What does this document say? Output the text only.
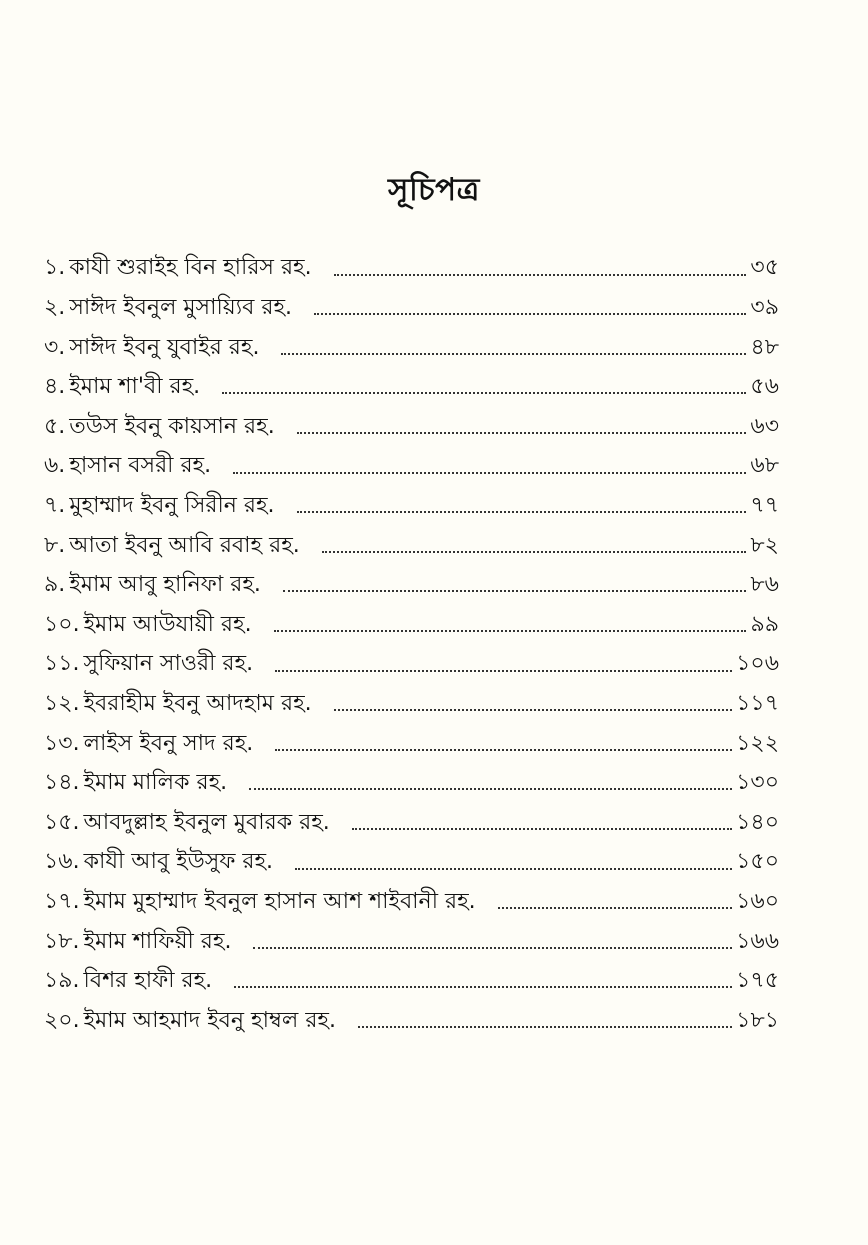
সূচিপত্র
১. কাযী শুরাইহ বিন হারিস রহ.	৩৫
২. সাঈদ ইবনুল মুসায়্যিব রহ.	৩৯
৩. সাঈদ ইবনু যুবাইর রহ.	৪৮
৪. ইমাম শা'বী রহ.	৫৬
৫. তউস ইবনু কায়সান রহ.	৬৩
৬. হাসান বসরী রহ.	৬৮
৭. মুহাম্মাদ ইবনু সিরীন রহ.	৭৭
৮. আতা ইবনু আবি রবাহ রহ.	৮২
৯. ইমাম আবু হানিফা রহ.	৮৬
১০. ইমাম আউযায়ী রহ.	৯৯
১১. সুফিয়ান সাওরী রহ.	১০৬
১২. ইবরাহীম ইবনু আদহাম রহ.	১১৭
১৩. লাইস ইবনু সাদ রহ.	১২২
১৪. ইমাম মালিক রহ.	১৩০
১৫. আবদুল্লাহ ইবনুল মুবারক রহ.	১৪০
১৬. কাযী আবু ইউসুফ রহ.	১৫০
১৭. ইমাম মুহাম্মাদ ইবনুল হাসান আশ শাইবানী রহ.	১৬০
১৮. ইমাম শাফিয়ী রহ.	১৬৬
১৯. বিশর হাফী রহ.	১৭৫
২০. ইমাম আহমাদ ইবনু হাম্বল রহ.	১৮১
